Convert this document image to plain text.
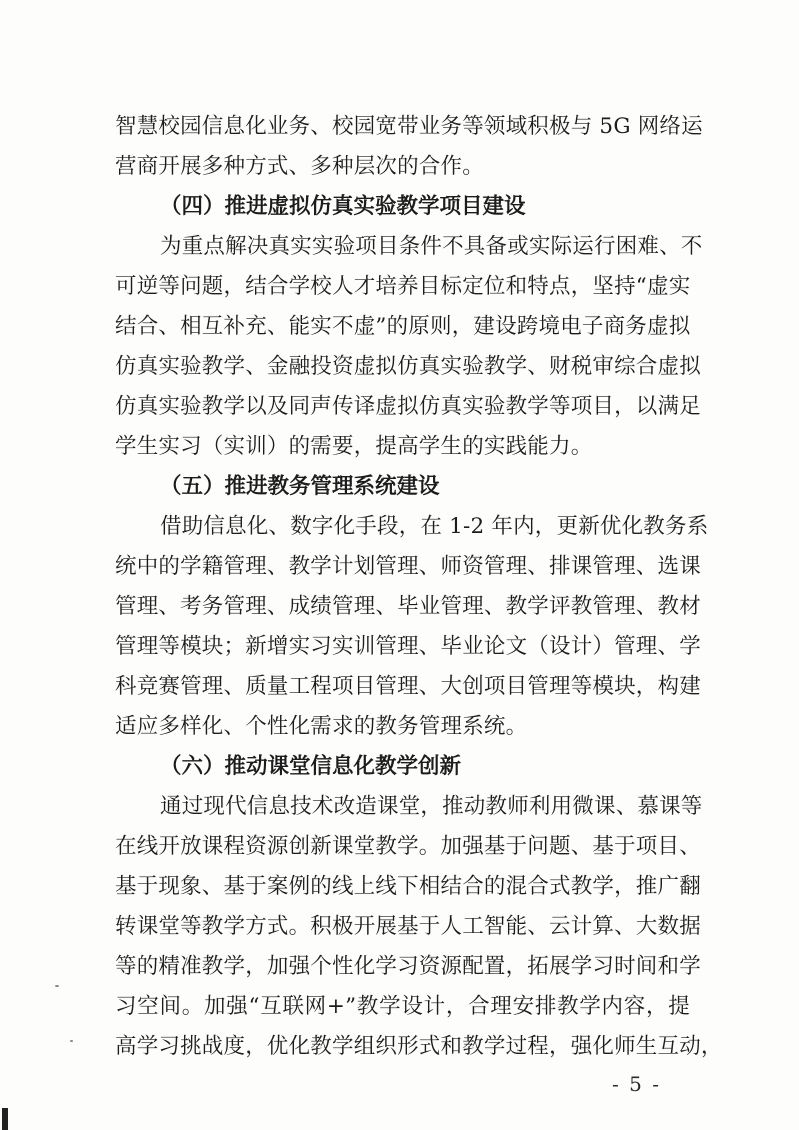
智慧校园信息化业务、校园宽带业务等领域积极与 5G 网络运
营商开展多种方式、多种层次的合作。
（四）推进虚拟仿真实验教学项目建设
为重点解决真实实验项目条件不具备或实际运行困难、不
可逆等问题，结合学校人才培养目标定位和特点，坚持“虚实
结合、相互补充、能实不虚”的原则，建设跨境电子商务虚拟
仿真实验教学、金融投资虚拟仿真实验教学、财税审综合虚拟
仿真实验教学以及同声传译虚拟仿真实验教学等项目，以满足
学生实习（实训）的需要，提高学生的实践能力。
（五）推进教务管理系统建设
借助信息化、数字化手段，在 1-2 年内，更新优化教务系
统中的学籍管理、教学计划管理、师资管理、排课管理、选课
管理、考务管理、成绩管理、毕业管理、教学评教管理、教材
管理等模块；新增实习实训管理、毕业论文（设计）管理、学
科竞赛管理、质量工程项目管理、大创项目管理等模块，构建
适应多样化、个性化需求的教务管理系统。
（六）推动课堂信息化教学创新
通过现代信息技术改造课堂，推动教师利用微课、慕课等
在线开放课程资源创新课堂教学。加强基于问题、基于项目、
基于现象、基于案例的线上线下相结合的混合式教学，推广翻
转课堂等教学方式。积极开展基于人工智能、云计算、大数据
等的精准教学，加强个性化学习资源配置，拓展学习时间和学
习空间。加强“互联网+”教学设计，合理安排教学内容，提
高学习挑战度，优化教学组织形式和教学过程，强化师生互动，
- 5 -
